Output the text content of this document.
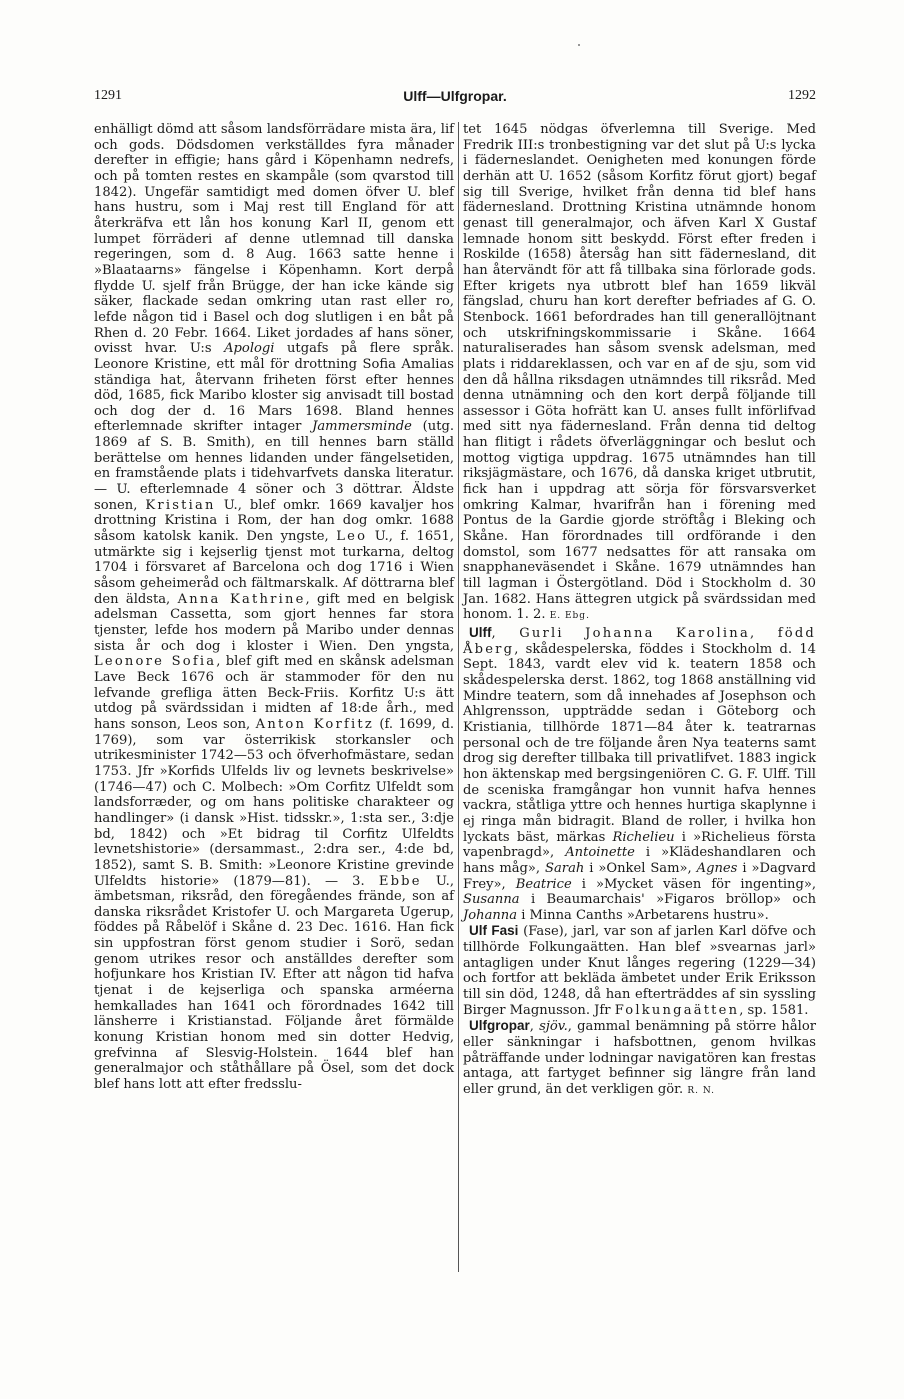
1291	Ulff—Ulfgropar.	1292

enhälligt dömd att såsom landsförrädare mista ära, lif och gods. Dödsdomen verkställdes fyra månader derefter in effigie; hans gård i Köpenhamn nedrefs, och på tomten restes en skampåle (som qvarstod till 1842). Ungefär samtidigt med domen öfver U. blef hans hustru, som i Maj rest till England för att återkräfva ett lån hos konung Karl II, genom ett lumpet förräderi af denne utlemnad till danska regeringen, som d. 8 Aug. 1663 satte henne i »Blaataarns» fängelse i Köpenhamn. Kort derpå flydde U. sjelf från Brügge, der han icke kände sig säker, flackade sedan omkring utan rast eller ro, lefde någon tid i Basel och dog slutligen i en båt på Rhen d. 20 Febr. 1664. Liket jordades af hans söner, ovisst hvar. U:s Apologi utgafs på flere språk. Leonore Kristine, ett mål för drottning Sofia Amalias ständiga hat, återvann friheten först efter hennes död, 1685, fick Maribo kloster sig anvisadt till bostad och dog der d. 16 Mars 1698. Bland hennes efterlemnade skrifter intager Jammersminde (utg. 1869 af S. B. Smith), en till hennes barn ställd berättelse om hennes lidanden under fängelsetiden, en framstående plats i tidehvarfvets danska literatur. — U. efterlemnade 4 söner och 3 döttrar. Äldste sonen, Kristian U., blef omkr. 1669 kavaljer hos drottning Kristina i Rom, der han dog omkr. 1688 såsom katolsk kanik. Den yngste, Leo U., f. 1651, utmärkte sig i kejserlig tjenst mot turkarna, deltog 1704 i försvaret af Barcelona och dog 1716 i Wien såsom geheimeråd och fältmarskalk. Af döttrarna blef den äldsta, Anna Kathrine, gift med en belgisk adelsman Cassetta, som gjort hennes far stora tjenster, lefde hos modern på Maribo under dennas sista år och dog i kloster i Wien. Den yngsta, Leonore Sofia, blef gift med en skånsk adelsman Lave Beck 1676 och är stammoder för den nu lefvande grefliga ätten Beck-Friis. Korfitz U:s ätt utdog på svärdssidan i midten af 18:de årh., med hans sonson, Leos son, Anton Korfitz (f. 1699, d. 1769), som var österrikisk storkansler och utrikesminister 1742—53 och öfverhofmästare, sedan 1753. Jfr »Korfids Ulfelds liv og levnets beskrivelse» (1746—47) och C. Molbech: »Om Corfitz Ulfeldt som landsforræder, og om hans politiske charakteer og handlinger» (i dansk »Hist. tidsskr.», 1:sta ser., 3:dje bd, 1842) och »Et bidrag til Corfitz Ulfeldts levnetshistorie» (dersammast., 2:dra ser., 4:de bd, 1852), samt S. B. Smith: »Leonore Kristine grevinde Ulfeldts historie» (1879—81). — 3. Ebbe U., ämbetsman, riksråd, den föregåendes frände, son af danska riksrådet Kristofer U. och Margareta Ugerup, föddes på Råbelöf i Skåne d. 23 Dec. 1616. Han fick sin uppfostran först genom studier i Sorö, sedan genom utrikes resor och anställdes derefter som hofjunkare hos Kristian IV. Efter att någon tid hafva tjenat i de kejserliga och spanska arméerna hemkallades han 1641 och förordnades 1642 till länsherre i Kristianstad. Följande året förmälde konung Kristian honom med sin dotter Hedvig, grefvinna af Slesvig-Holstein. 1644 blef han generalmajor och ståthållare på Ösel, som det dock blef hans lott att efter fredsslu-

tet 1645 nödgas öfverlemna till Sverige. Med Fredrik III:s tronbestigning var det slut på U:s lycka i fäderneslandet. Oenigheten med konungen förde derhän att U. 1652 (såsom Korfitz förut gjort) begaf sig till Sverige, hvilket från denna tid blef hans fädernesland. Drottning Kristina utnämnde honom genast till generalmajor, och äfven Karl X Gustaf lemnade honom sitt beskydd. Först efter freden i Roskilde (1658) återsåg han sitt fädernesland, dit han återvändt för att få tillbaka sina förlorade gods. Efter krigets nya utbrott blef han 1659 likväl fängslad, churu han kort derefter befriades af G. O. Stenbock. 1661 befordrades han till generallöjtnant och utskrifningskommissarie i Skåne. 1664 naturaliserades han såsom svensk adelsman, med plats i riddareklassen, och var en af de sju, som vid den då hållna riksdagen utnämndes till riksråd. Med denna utnämning och den kort derpå följande till assessor i Göta hofrätt kan U. anses fullt införlifvad med sitt nya fädernesland. Från denna tid deltog han flitigt i rådets öfverläggningar och beslut och mottog vigtiga uppdrag. 1675 utnämndes han till riksjägmästare, och 1676, då danska kriget utbrutit, fick han i uppdrag att sörja för försvarsverket omkring Kalmar, hvarifrån han i förening med Pontus de la Gardie gjorde ströftåg i Bleking och Skåne. Han förordnades till ordförande i den domstol, som 1677 nedsattes för att ransaka om snapphaneväsendet i Skåne. 1679 utnämndes han till lagman i Östergötland. Död i Stockholm d. 30 Jan. 1682. Hans ättegren utgick på svärdssidan med honom. 1. 2. E. Ebg.

Ulff, Gurli Johanna Karolina, född Åberg, skådespelerska, föddes i Stockholm d. 14 Sept. 1843, vardt elev vid k. teatern 1858 och skådespelerska derst. 1862, tog 1868 anställning vid Mindre teatern, som då innehades af Josephson och Ahlgrensson, uppträdde sedan i Göteborg och Kristiania, tillhörde 1871—84 åter k. teatrarnas personal och de tre följande åren Nya teaterns samt drog sig derefter tillbaka till privatlifvet. 1883 ingick hon äktenskap med bergsingeniören C. G. F. Ulff. Till de sceniska framgångar hon vunnit hafva hennes vackra, ståtliga yttre och hennes hurtiga skaplynne i ej ringa mån bidragit. Bland de roller, i hvilka hon lyckats bäst, märkas Richelieu i »Richelieus första vapenbragd», Antoinette i »Klädeshandlaren och hans måg», Sarah i »Onkel Sam», Agnes i »Dagvard Frey», Beatrice i »Mycket väsen för ingenting», Susanna i Beaumarchais' »Figaros bröllop» och Johanna i Minna Canths »Arbetarens hustru».

Ulf Fasi (Fase), jarl, var son af jarlen Karl döfve och tillhörde Folkungaätten. Han blef »svearnas jarl» antagligen under Knut långes regering (1229—34) och fortfor att bekläda ämbetet under Erik Eriksson till sin död, 1248, då han efterträddes af sin syssling Birger Magnusson. Jfr Folkungaätten, sp. 1581.

Ulfgropar, sjöv., gammal benämning på större hålor eller sänkningar i hafsbottnen, genom hvilkas påträffande under lodningar navigatören kan frestas antaga, att fartyget befinner sig längre från land eller grund, än det verkligen gör. R. N.
